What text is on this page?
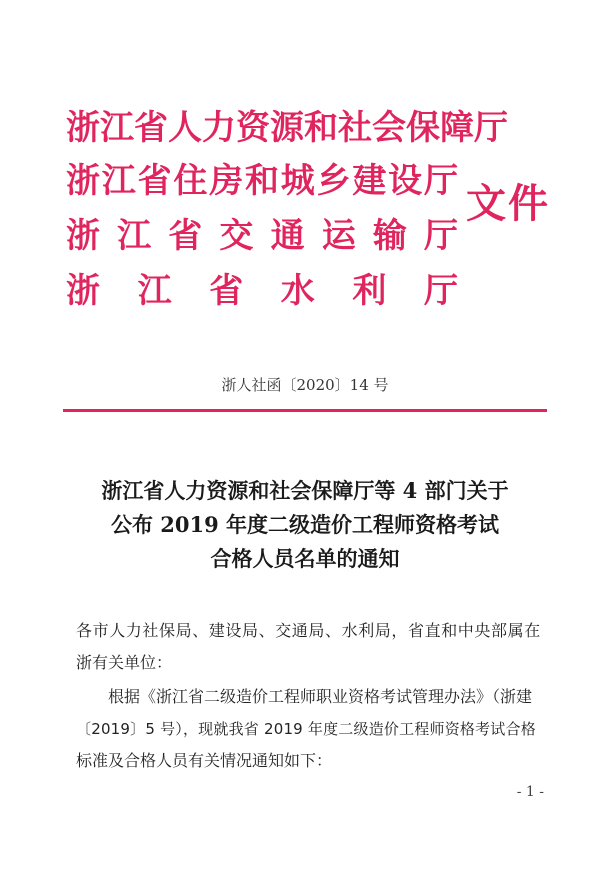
浙 江 省 人 力 资 源 和 社 会 保 障 厅
浙 江 省 住 房 和 城 乡 建 设 厅
浙 江 省 交 通 运 输 厅
浙 江 省 水 利 厅
文件
浙人社函〔2020〕14 号
浙江省人力资源和社会保障厅等 4 部门关于
公布 2019 年度二级造价工程师资格考试
合格人员名单的通知
各市人力社保局、建设局、交通局、水利局，省直和中央部属在
浙有关单位：
根据《浙江省二级造价工程师职业资格考试管理办法》（浙建
〔2019〕5 号），现就我省 2019 年度二级造价工程师资格考试合格
标准及合格人员有关情况通知如下：
- 1 -
